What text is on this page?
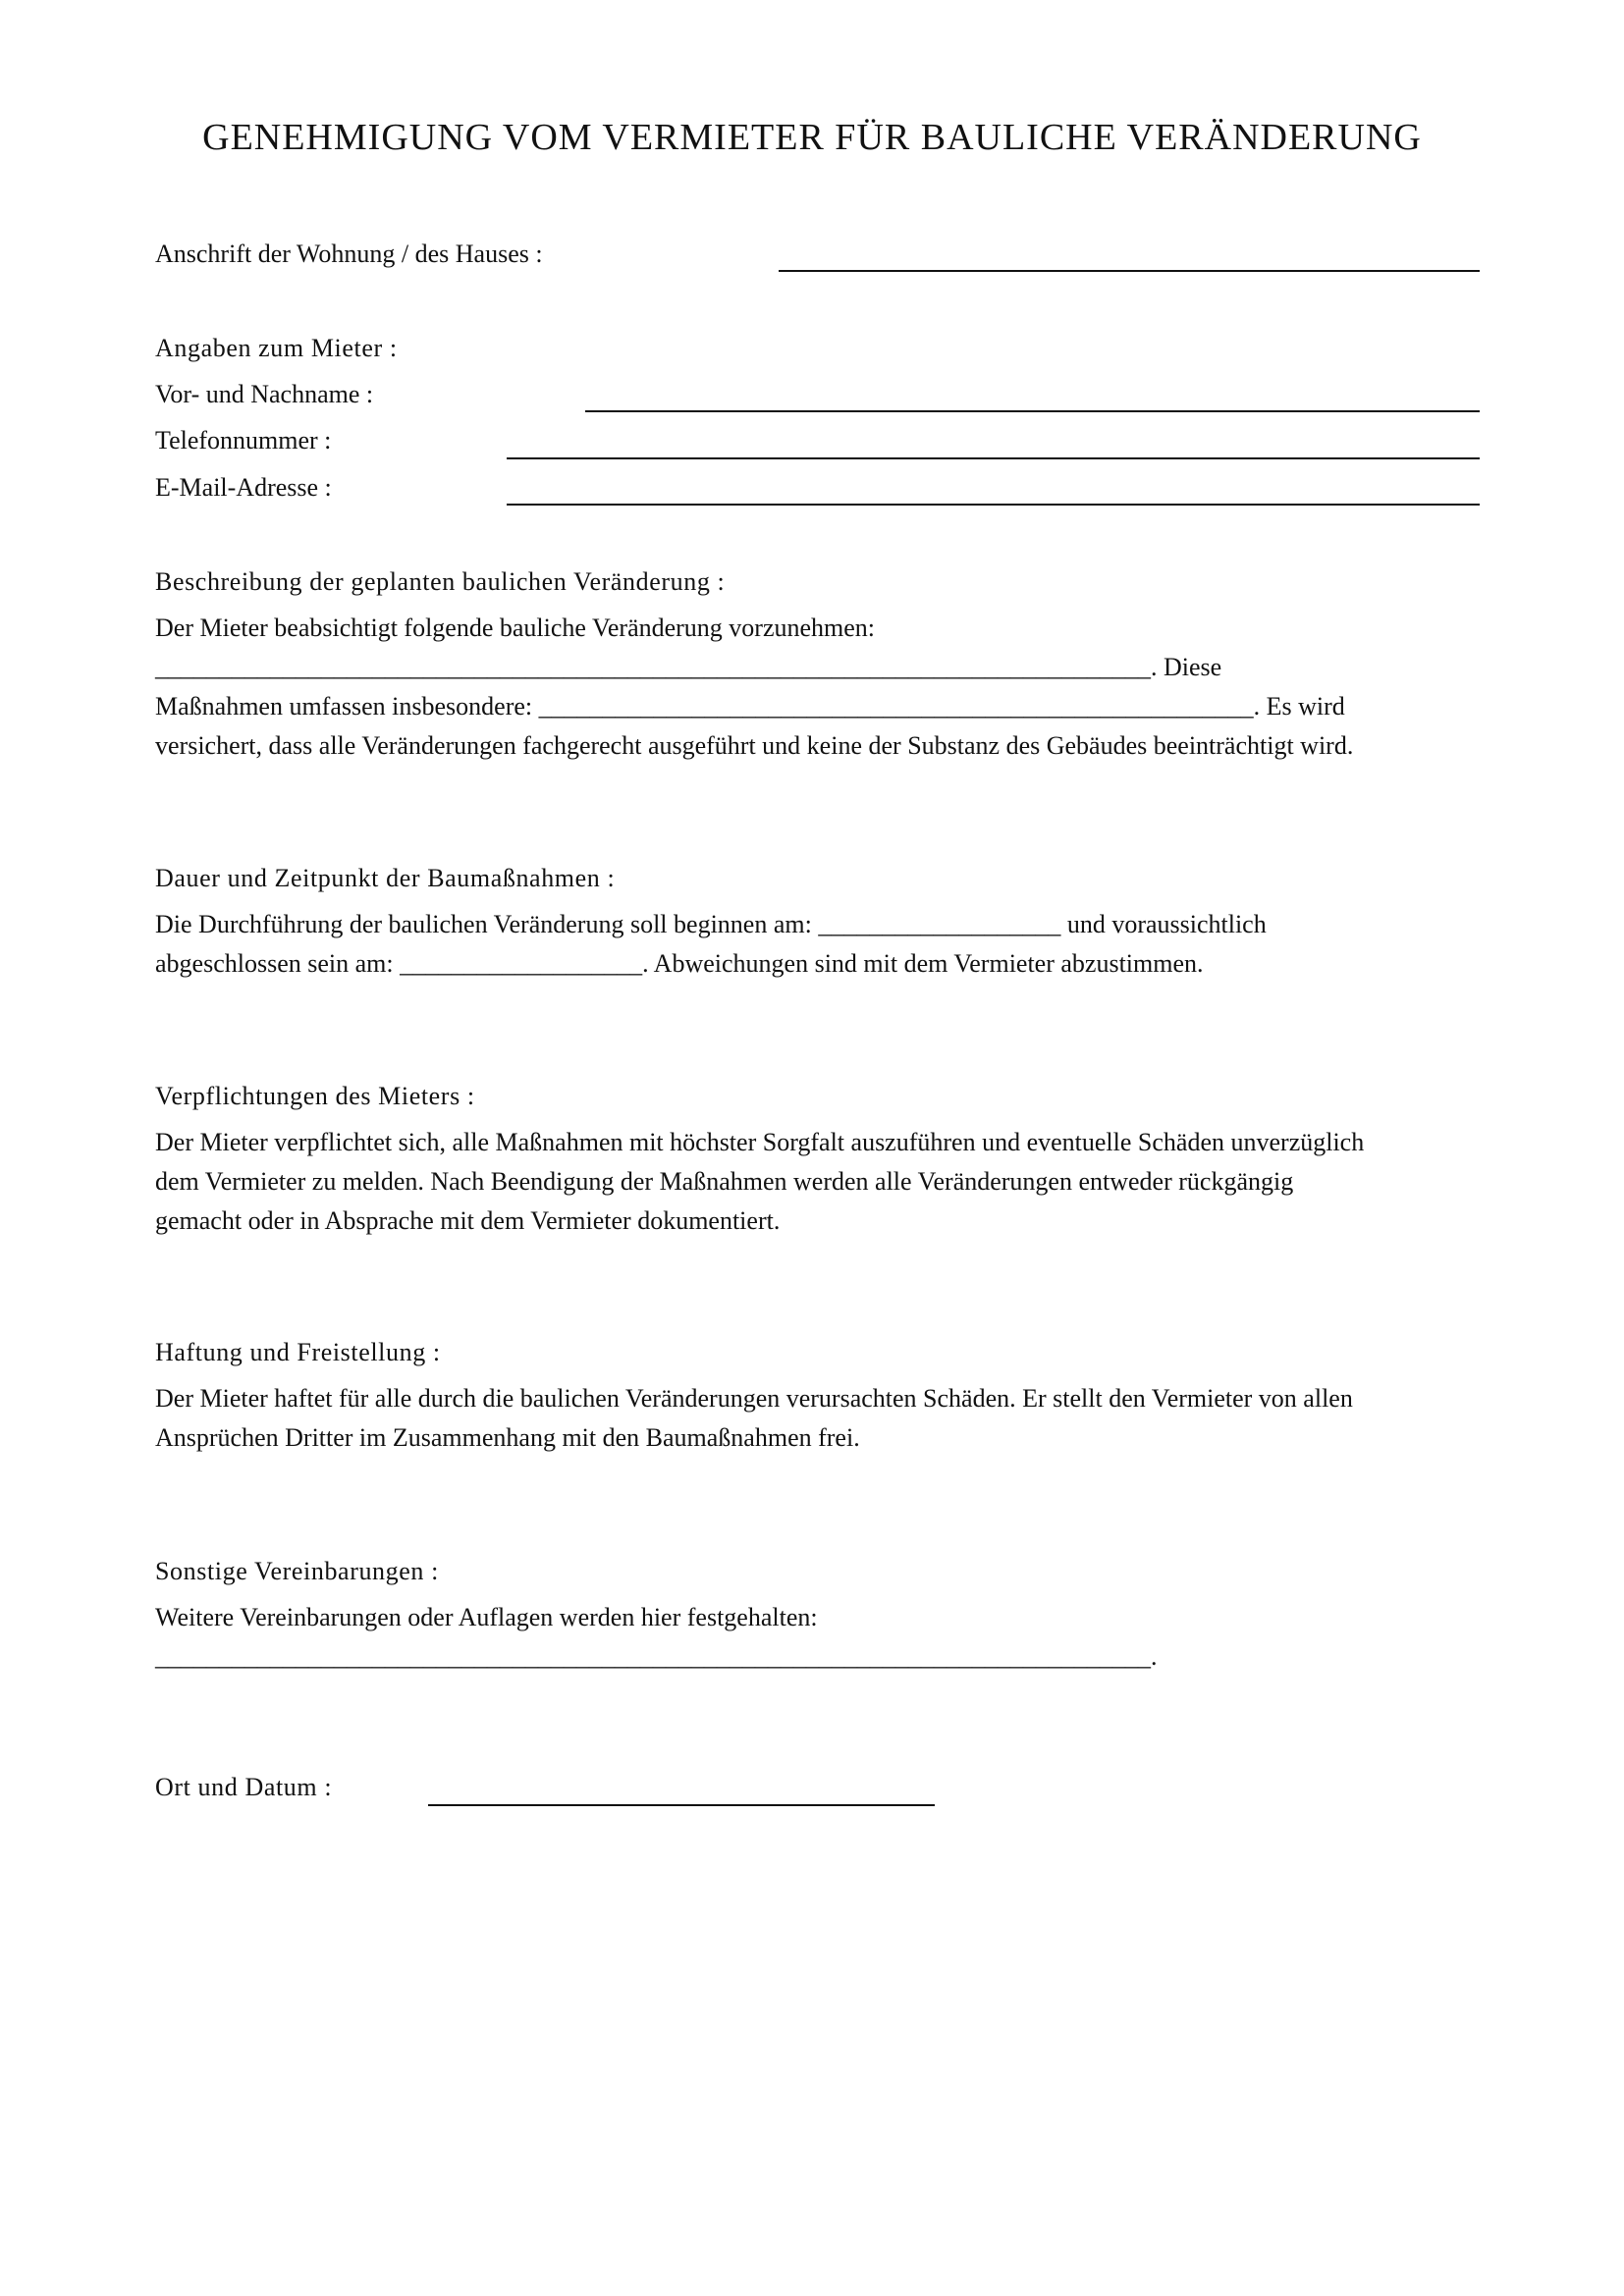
GENEHMIGUNG VOM VERMIETER FÜR BAULICHE VERÄNDERUNG
Anschrift der Wohnung / des Hauses :
Angaben zum Mieter :
Vor- und Nachname :
Telefonnummer :
E-Mail-Adresse :
Beschreibung der geplanten baulichen Veränderung :
Der Mieter beabsichtigt folgende bauliche Veränderung vorzunehmen:
______________________________________________________________________________. Diese
Maßnahmen umfassen insbesondere: ________________________________________________________. Es wird
versichert, dass alle Veränderungen fachgerecht ausgeführt und keine der Substanz des Gebäudes beeinträchtigt wird.
Dauer und Zeitpunkt der Baumaßnahmen :
Die Durchführung der baulichen Veränderung soll beginnen am: ___________________ und voraussichtlich
abgeschlossen sein am: ___________________. Abweichungen sind mit dem Vermieter abzustimmen.
Verpflichtungen des Mieters :
Der Mieter verpflichtet sich, alle Maßnahmen mit höchster Sorgfalt auszuführen und eventuelle Schäden unverzüglich
dem Vermieter zu melden. Nach Beendigung der Maßnahmen werden alle Veränderungen entweder rückgängig
gemacht oder in Absprache mit dem Vermieter dokumentiert.
Haftung und Freistellung :
Der Mieter haftet für alle durch die baulichen Veränderungen verursachten Schäden. Er stellt den Vermieter von allen
Ansprüchen Dritter im Zusammenhang mit den Baumaßnahmen frei.
Sonstige Vereinbarungen :
Weitere Vereinbarungen oder Auflagen werden hier festgehalten:
______________________________________________________________________________.
Ort und Datum :
